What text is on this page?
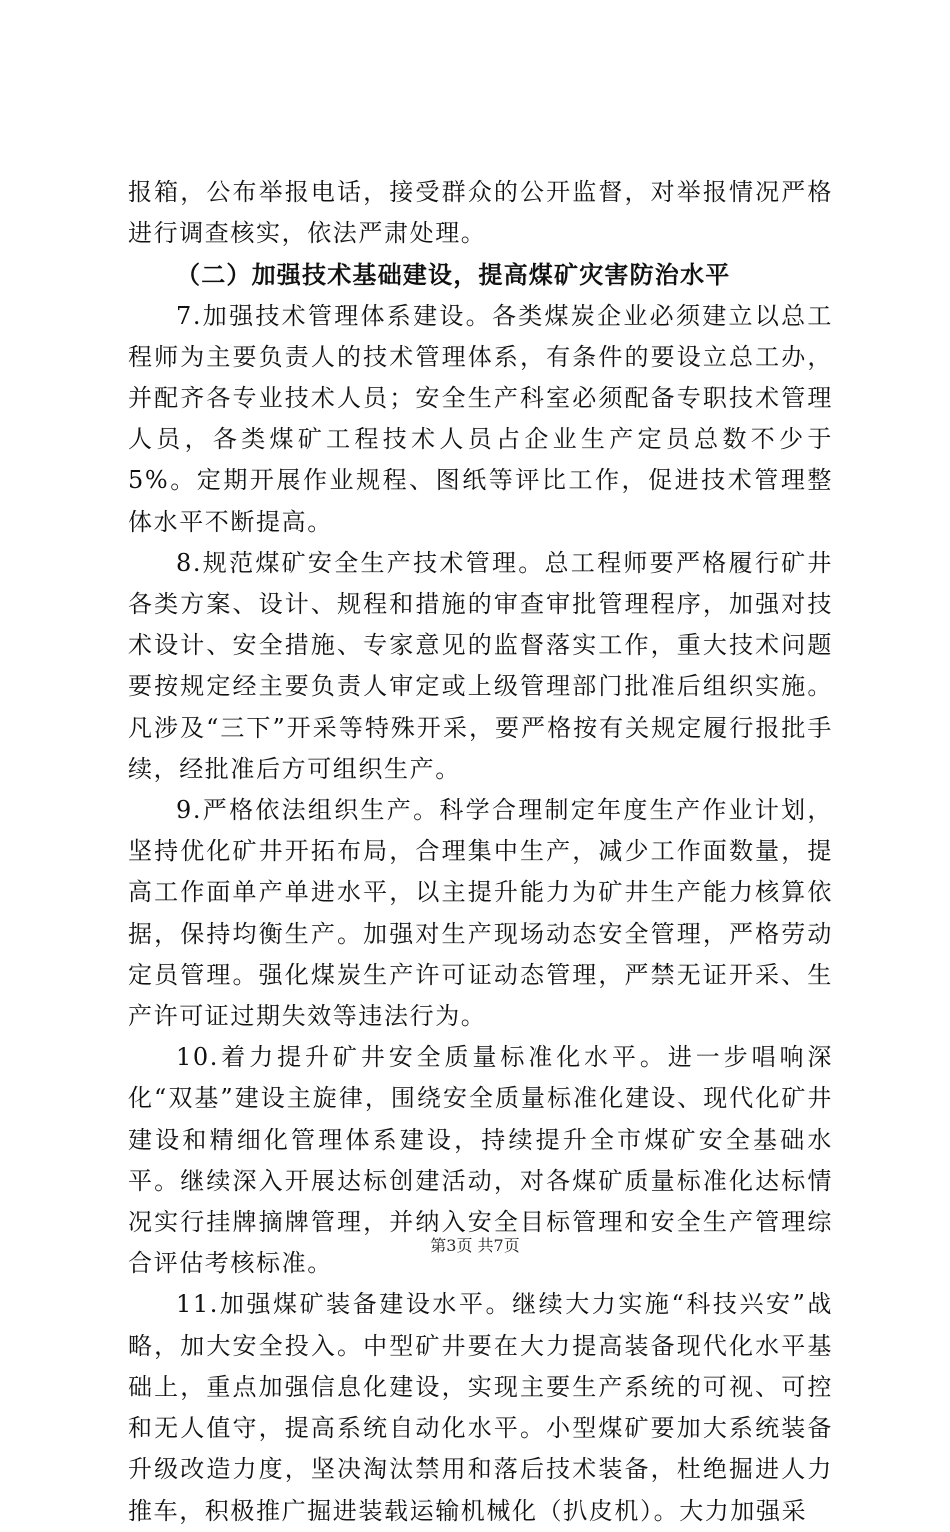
报箱，公布举报电话，接受群众的公开监督，对举报情况严格进行调查核实，依法严肃处理。

（二）加强技术基础建设，提高煤矿灾害防治水平

7.加强技术管理体系建设。各类煤炭企业必须建立以总工程师为主要负责人的技术管理体系，有条件的要设立总工办，并配齐各专业技术人员；安全生产科室必须配备专职技术管理人员，各类煤矿工程技术人员占企业生产定员总数不少于5%。定期开展作业规程、图纸等评比工作，促进技术管理整体水平不断提高。

8.规范煤矿安全生产技术管理。总工程师要严格履行矿井各类方案、设计、规程和措施的审查审批管理程序，加强对技术设计、安全措施、专家意见的监督落实工作，重大技术问题要按规定经主要负责人审定或上级管理部门批准后组织实施。凡涉及“三下”开采等特殊开采，要严格按有关规定履行报批手续，经批准后方可组织生产。

9.严格依法组织生产。科学合理制定年度生产作业计划，坚持优化矿井开拓布局，合理集中生产，减少工作面数量，提高工作面单产单进水平，以主提升能力为矿井生产能力核算依据，保持均衡生产。加强对生产现场动态安全管理，严格劳动定员管理。强化煤炭生产许可证动态管理，严禁无证开采、生产许可证过期失效等违法行为。

10.着力提升矿井安全质量标准化水平。进一步唱响深化“双基”建设主旋律，围绕安全质量标准化建设、现代化矿井建设和精细化管理体系建设，持续提升全市煤矿安全基础水平。继续深入开展达标创建活动，对各煤矿质量标准化达标情况实行挂牌摘牌管理，并纳入安全目标管理和安全生产管理综合评估考核标准。

11.加强煤矿装备建设水平。继续大力实施“科技兴安”战略，加大安全投入。中型矿井要在大力提高装备现代化水平基础上，重点加强信息化建设，实现主要生产系统的可视、可控和无人值守，提高系统自动化水平。小型煤矿要加大系统装备升级改造力度，坚决淘汰禁用和落后技术装备，杜绝掘进人力推车，积极推广掘进装载运输机械化（扒皮机）。大力加强采

第3页 共7页
